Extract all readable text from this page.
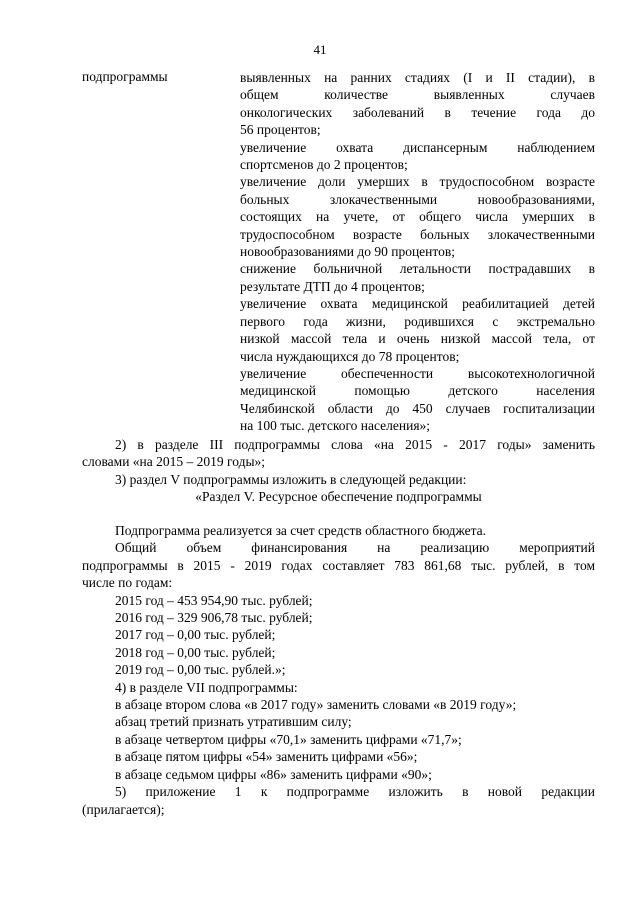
41
подпрограммы	выявленных на ранних стадиях (I и II стадии), в
общем количестве выявленных случаев
онкологических заболеваний в течение года до
56 процентов;
увеличение охвата диспансерным наблюдением
спортсменов до 2 процентов;
увеличение доли умерших в трудоспособном возрасте
больных злокачественными новообразованиями,
состоящих на учете, от общего числа умерших в
трудоспособном возрасте больных злокачественными
новообразованиями до 90 процентов;
снижение больничной летальности пострадавших в
результате ДТП до 4 процентов;
увеличение охвата медицинской реабилитацией детей
первого года жизни, родившихся с экстремально
низкой массой тела и очень низкой массой тела, от
числа нуждающихся до 78 процентов;
увеличение обеспеченности высокотехнологичной
медицинской помощью детского населения
Челябинской области до 450 случаев госпитализации
на 100 тыс. детского населения»;
2) в разделе III подпрограммы слова «на 2015 - 2017 годы» заменить
словами «на 2015 – 2019 годы»;
3) раздел V подпрограммы изложить в следующей редакции:
«Раздел V. Ресурсное обеспечение подпрограммы
Подпрограмма реализуется за счет средств областного бюджета.
Общий объем финансирования на реализацию мероприятий
подпрограммы в 2015 - 2019 годах составляет 783 861,68 тыс. рублей, в том
числе по годам:
2015 год – 453 954,90 тыс. рублей;
2016 год – 329 906,78 тыс. рублей;
2017 год – 0,00 тыс. рублей;
2018 год – 0,00 тыс. рублей;
2019 год – 0,00 тыс. рублей.»;
4) в разделе VII подпрограммы:
в абзаце втором слова «в 2017 году» заменить словами «в 2019 году»;
абзац третий признать утратившим силу;
в абзаце четвертом цифры «70,1» заменить цифрами «71,7»;
в абзаце пятом цифры «54» заменить цифрами «56»;
в абзаце седьмом цифры «86» заменить цифрами «90»;
5) приложение 1 к подпрограмме изложить в новой редакции
(прилагается);
